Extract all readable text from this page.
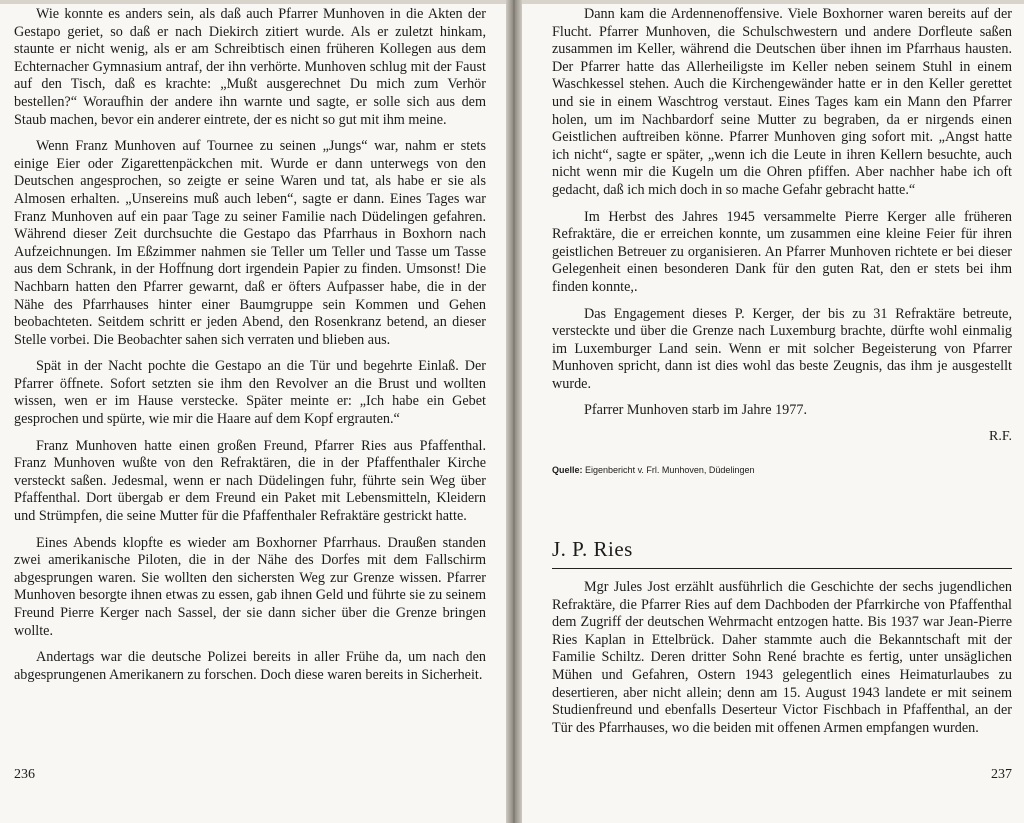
Wie konnte es anders sein, als daß auch Pfarrer Munhoven in die Akten der Gestapo geriet, so daß er nach Diekirch zitiert wurde. Als er zuletzt hinkam, staunte er nicht wenig, als er am Schreibtisch einen früheren Kollegen aus dem Echternacher Gymnasium antraf, der ihn verhörte. Munhoven schlug mit der Faust auf den Tisch, daß es krachte: „Mußt ausgerechnet Du mich zum Verhör bestellen?“ Woraufhin der andere ihn warnte und sagte, er solle sich aus dem Staub machen, bevor ein anderer eintrete, der es nicht so gut mit ihm meine.

Wenn Franz Munhoven auf Tournee zu seinen „Jungs“ war, nahm er stets einige Eier oder Zigarettenpäckchen mit. Wurde er dann unterwegs von den Deutschen angesprochen, so zeigte er seine Waren und tat, als habe er sie als Almosen erhalten. „Unsereins muß auch leben“, sagte er dann. Eines Tages war Franz Munhoven auf ein paar Tage zu seiner Familie nach Düdelingen gefahren. Während dieser Zeit durchsuchte die Gestapo das Pfarrhaus in Boxhorn nach Aufzeichnungen. Im Eßzimmer nahmen sie Teller um Teller und Tasse um Tasse aus dem Schrank, in der Hoffnung dort irgendein Papier zu finden. Umsonst! Die Nachbarn hatten den Pfarrer gewarnt, daß er öfters Aufpasser habe, die in der Nähe des Pfarrhauses hinter einer Baumgruppe sein Kommen und Gehen beobachteten. Seitdem schritt er jeden Abend, den Rosenkranz betend, an dieser Stelle vorbei. Die Beobachter sahen sich verraten und blieben aus.

Spät in der Nacht pochte die Gestapo an die Tür und begehrte Einlaß. Der Pfarrer öffnete. Sofort setzten sie ihm den Revolver an die Brust und wollten wissen, wen er im Hause verstecke. Später meinte er: „Ich habe ein Gebet gesprochen und spürte, wie mir die Haare auf dem Kopf ergrauten.“

Franz Munhoven hatte einen großen Freund, Pfarrer Ries aus Pfaffenthal. Franz Munhoven wußte von den Refraktären, die in der Pfaffenthaler Kirche versteckt saßen. Jedesmal, wenn er nach Düdelingen fuhr, führte sein Weg über Pfaffenthal. Dort übergab er dem Freund ein Paket mit Lebensmitteln, Kleidern und Strümpfen, die seine Mutter für die Pfaffenthaler Refraktäre gestrickt hatte.

Eines Abends klopfte es wieder am Boxhorner Pfarrhaus. Draußen standen zwei amerikanische Piloten, die in der Nähe des Dorfes mit dem Fallschirm abgesprungen waren. Sie wollten den sichersten Weg zur Grenze wissen. Pfarrer Munhoven besorgte ihnen etwas zu essen, gab ihnen Geld und führte sie zu seinem Freund Pierre Kerger nach Sassel, der sie dann sicher über die Grenze bringen wollte.

Andertags war die deutsche Polizei bereits in aller Frühe da, um nach den abgesprungenen Amerikanern zu forschen. Doch diese waren bereits in Sicherheit.

236

Dann kam die Ardennenoffensive. Viele Boxhorner waren bereits auf der Flucht. Pfarrer Munhoven, die Schulschwestern und andere Dorfleute saßen zusammen im Keller, während die Deutschen über ihnen im Pfarrhaus hausten. Der Pfarrer hatte das Allerheiligste im Keller neben seinem Stuhl in einem Waschkessel stehen. Auch die Kirchengewänder hatte er in den Keller gerettet und sie in einem Waschtrog verstaut. Eines Tages kam ein Mann den Pfarrer holen, um im Nachbardorf seine Mutter zu begraben, da er nirgends einen Geistlichen auftreiben könne. Pfarrer Munhoven ging sofort mit. „Angst hatte ich nicht“, sagte er später, „wenn ich die Leute in ihren Kellern besuchte, auch nicht wenn mir die Kugeln um die Ohren pfiffen. Aber nachher habe ich oft gedacht, daß ich mich doch in so mache Gefahr gebracht hatte.“

Im Herbst des Jahres 1945 versammelte Pierre Kerger alle früheren Refraktäre, die er erreichen konnte, um zusammen eine kleine Feier für ihren geistlichen Betreuer zu organisieren. An Pfarrer Munhoven richtete er bei dieser Gelegenheit einen besonderen Dank für den guten Rat, den er stets bei ihm finden konnte,.

Das Engagement dieses P. Kerger, der bis zu 31 Refraktäre betreute, versteckte und über die Grenze nach Luxemburg brachte, dürfte wohl einmalig im Luxemburger Land sein. Wenn er mit solcher Begeisterung von Pfarrer Munhoven spricht, dann ist dies wohl das beste Zeugnis, das ihm je ausgestellt wurde.

Pfarrer Munhoven starb im Jahre 1977.

R.F.
Quelle: Eigenbericht v. Frl. Munhoven, Düdelingen
J. P. Ries

Mgr Jules Jost erzählt ausführlich die Geschichte der sechs jugendlichen Refraktäre, die Pfarrer Ries auf dem Dachboden der Pfarrkirche von Pfaffenthal dem Zugriff der deutschen Wehrmacht entzogen hatte. Bis 1937 war Jean-Pierre Ries Kaplan in Ettelbrück. Daher stammte auch die Bekanntschaft mit der Familie Schiltz. Deren dritter Sohn René brachte es fertig, unter unsäglichen Mühen und Gefahren, Ostern 1943 gelegentlich eines Heimaturlaubes zu desertieren, aber nicht allein; denn am 15. August 1943 landete er mit seinem Studienfreund und ebenfalls Deserteur Victor Fischbach in Pfaffenthal, an der Tür des Pfarrhauses, wo die beiden mit offenen Armen empfangen wurden.

237
